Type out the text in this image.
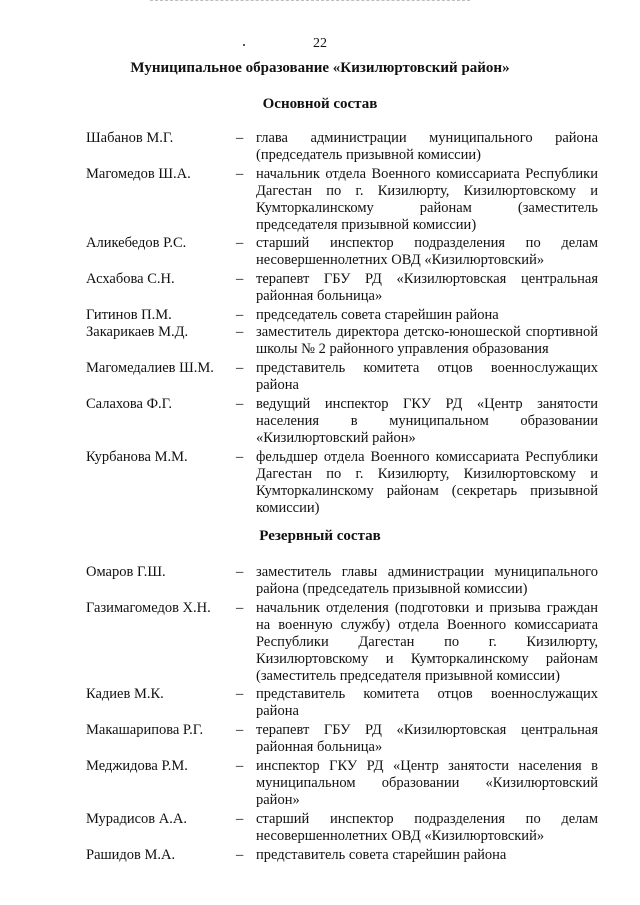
22
Муниципальное образование «Кизилюртовский район»
Основной состав
Шабанов М.Г.	– глава администрации муниципального района (председатель призывной комиссии)
Магомедов Ш.А.	– начальник отдела Военного комиссариата Республики Дагестан по г. Кизилюрту, Кизилюртовскому и Кумторкалинскому районам (заместитель председателя призывной комиссии)
Аликебедов Р.С.	– старший инспектор подразделения по делам несовершеннолетних ОВД «Кизилюртовский»
Асхабова С.Н.	– терапевт ГБУ РД «Кизилюртовская центральная районная больница»
Гитинов П.М.	– председатель совета старейшин района
Закарикаев М.Д.	– заместитель директора детско-юношеской спортивной школы № 2 районного управления образования
Магомедалиев Ш.М. – представитель комитета отцов военнослужащих района
Салахова Ф.Г.	– ведущий инспектор ГКУ РД «Центр занятости населения в муниципальном образовании «Кизилюртовский район»
Курбанова М.М.	– фельдшер отдела Военного комиссариата Республики Дагестан по г. Кизилюрту, Кизилюртовскому и Кумторкалинскому районам (секретарь призывной комиссии)
Резервный состав
Омаров Г.Ш.	– заместитель главы администрации муниципального района (председатель призывной комиссии)
Газимагомедов Х.Н. – начальник отделения (подготовки и призыва граждан на военную службу) отдела Военного комиссариата Республики Дагестан по г. Кизилюрту, Кизилюртовскому и Кумторкалинскому районам (заместитель председателя призывной комиссии)
Кадиев М.К.	– представитель комитета отцов военнослужащих района
Макашарипова Р.Г. – терапевт ГБУ РД «Кизилюртовская центральная районная больница»
Меджидова Р.М.	– инспектор ГКУ РД «Центр занятости населения в муниципальном образовании «Кизилюртовский район»
Мурадисов А.А.	– старший инспектор подразделения по делам несовершеннолетних ОВД «Кизилюртовский»
Рашидов М.А.	– представитель совета старейшин района
